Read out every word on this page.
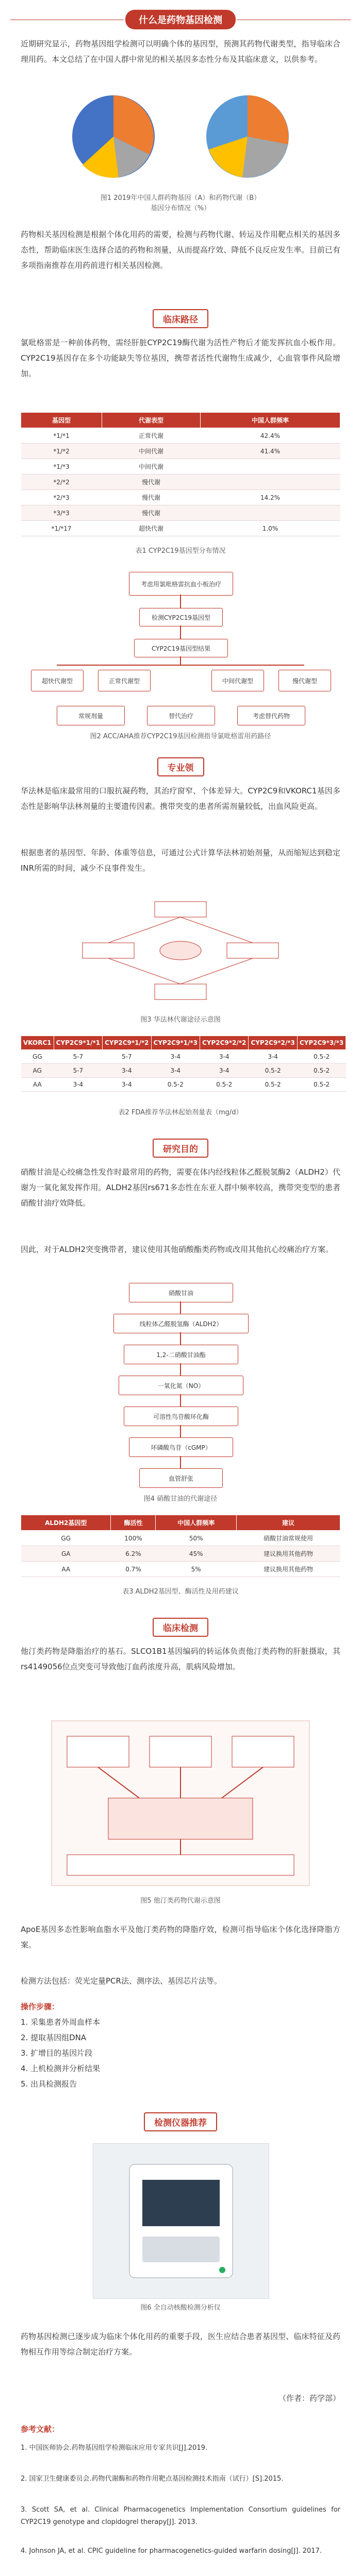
什么是药物基因检测
近期研究显示，药物基因组学检测可以明确个体的基因型，预测其药物代谢类型，指导临床合理用药。本文总结了在中国人群中常见的相关基因多态性分布及其临床意义，以供参考。
图1 2019年中国人群药物基因（A）和药物代谢（B）
基因分布情况（%）
药物相关基因检测是根据个体化用药的需要，检测与药物代谢、转运及作用靶点相关的基因多态性，帮助临床医生选择合适的药物和剂量，从而提高疗效、降低不良反应发生率。目前已有多项指南推荐在用药前进行相关基因检测。
临床路径
氯吡格雷是一种前体药物，需经肝脏CYP2C19酶代谢为活性产物后才能发挥抗血小板作用。CYP2C19基因存在多个功能缺失等位基因，携带者活性代谢物生成减少，心血管事件风险增加。
基因型	代谢表型	中国人群频率
*1/*1	正常代谢	42.4%
*1/*2	中间代谢	41.4%
*1/*3	中间代谢	
*2/*2	慢代谢	
*2/*3	慢代谢	14.2%
*3/*3	慢代谢	
*1/*17	超快代谢	1.0%
表1 CYP2C19基因型分布情况
考虑用氯吡格雷抗血小板治疗
检测CYP2C19基因型
CYP2C19基因型结果
超快代谢型	正常代谢型	中间代谢型	慢代谢型
常规剂量	替代治疗	考虑替代药物
图2 ACC/AHA推荐CYP2C19基因检测指导氯吡格雷用药路径
专业领
华法林是临床最常用的口服抗凝药物，其治疗窗窄、个体差异大。CYP2C9和VKORC1基因多态性是影响华法林剂量的主要遗传因素。携带突变的患者所需剂量较低，出血风险更高。
根据患者的基因型、年龄、体重等信息，可通过公式计算华法林初始剂量，从而缩短达到稳定INR所需的时间，减少不良事件发生。
图3 华法林代谢途径示意图
VKORC1	CYP2C9*1/*1	CYP2C9*1/*2	CYP2C9*1/*3	CYP2C9*2/*2	CYP2C9*2/*3	CYP2C9*3/*3
GG	5-7	5-7	3-4	3-4	3-4	0.5-2
AG	5-7	3-4	3-4	3-4	0.5-2	0.5-2
AA	3-4	3-4	0.5-2	0.5-2	0.5-2	0.5-2
表2 FDA推荐华法林起始剂量表（mg/d）
研究目的
硝酸甘油是心绞痛急性发作时最常用的药物，需要在体内经线粒体乙醛脱氢酶2（ALDH2）代谢为一氧化氮发挥作用。ALDH2基因rs671多态性在东亚人群中频率较高，携带突变型的患者硝酸甘油疗效降低。
因此，对于ALDH2突变携带者，建议使用其他硝酸酯类药物或改用其他抗心绞痛治疗方案。
硝酸甘油
线粒体乙醛脱氢酶（ALDH2）
1,2-二硝酸甘油酯
一氧化氮（NO）
可溶性鸟苷酸环化酶
环磷酸鸟苷（cGMP）
血管舒张
图4 硝酸甘油的代谢途径
ALDH2基因型	酶活性	中国人群频率	建议
GG	100%	50%	硝酸甘油常规使用
GA	6.2%	45%	建议换用其他药物
AA	0.7%	5%	建议换用其他药物
表3 ALDH2基因型、酶活性及用药建议
临床检测
他汀类药物是降脂治疗的基石。SLCO1B1基因编码的转运体负责他汀类药物的肝脏摄取，其rs4149056位点突变可导致他汀血药浓度升高，肌病风险增加。
图5 他汀类药物代谢示意图
ApoE基因多态性影响血脂水平及他汀类药物的降脂疗效，检测可指导临床个体化选择降脂方案。
检测方法包括：荧光定量PCR法、测序法、基因芯片法等。
操作步骤：
1. 采集患者外周血样本
2. 提取基因组DNA
3. 扩增目的基因片段
4. 上机检测并分析结果
5. 出具检测报告
检测仪器推荐
图6 全自动核酸检测分析仪
药物基因检测已逐步成为临床个体化用药的重要手段，医生应结合患者基因型、临床特征及药物相互作用等综合制定治疗方案。
（作者：药学部）
参考文献：
1. 中国医师协会.药物基因组学检测临床应用专家共识[J].2019.
2. 国家卫生健康委员会.药物代谢酶和药物作用靶点基因检测技术指南（试行）[S].2015.
3. Scott SA, et al. Clinical Pharmacogenetics Implementation Consortium guidelines for CYP2C19 genotype and clopidogrel therapy[J]. 2013.
4. Johnson JA, et al. CPIC guideline for pharmacogenetics-guided warfarin dosing[J]. 2017.
